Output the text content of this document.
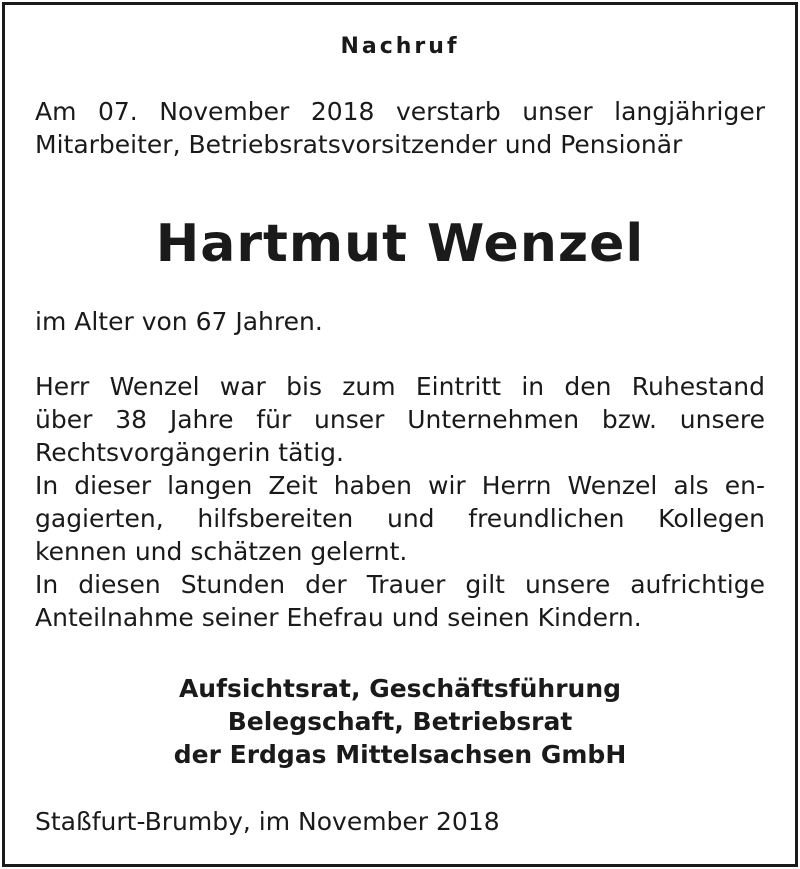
Nachruf

Am 07. November 2018 verstarb unser langjähriger

Mitarbeiter, Betriebsratsvorsitzender und Pensionär

Hartmut Wenzel

im Alter von 67 Jahren.

Herr Wenzel war bis zum Eintritt in den Ruhestand

über 38 Jahre für unser Unternehmen bzw. unsere

Rechtsvorgängerin tätig.

In dieser langen Zeit haben wir Herrn Wenzel als en-

gagierten, hilfsbereiten und freundlichen Kollegen

kennen und schätzen gelernt.

In diesen Stunden der Trauer gilt unsere aufrichtige

Anteilnahme seiner Ehefrau und seinen Kindern.

Aufsichtsrat, Geschäftsführung
Belegschaft, Betriebsrat
der Erdgas Mittelsachsen GmbH

Staßfurt-Brumby, im November 2018
